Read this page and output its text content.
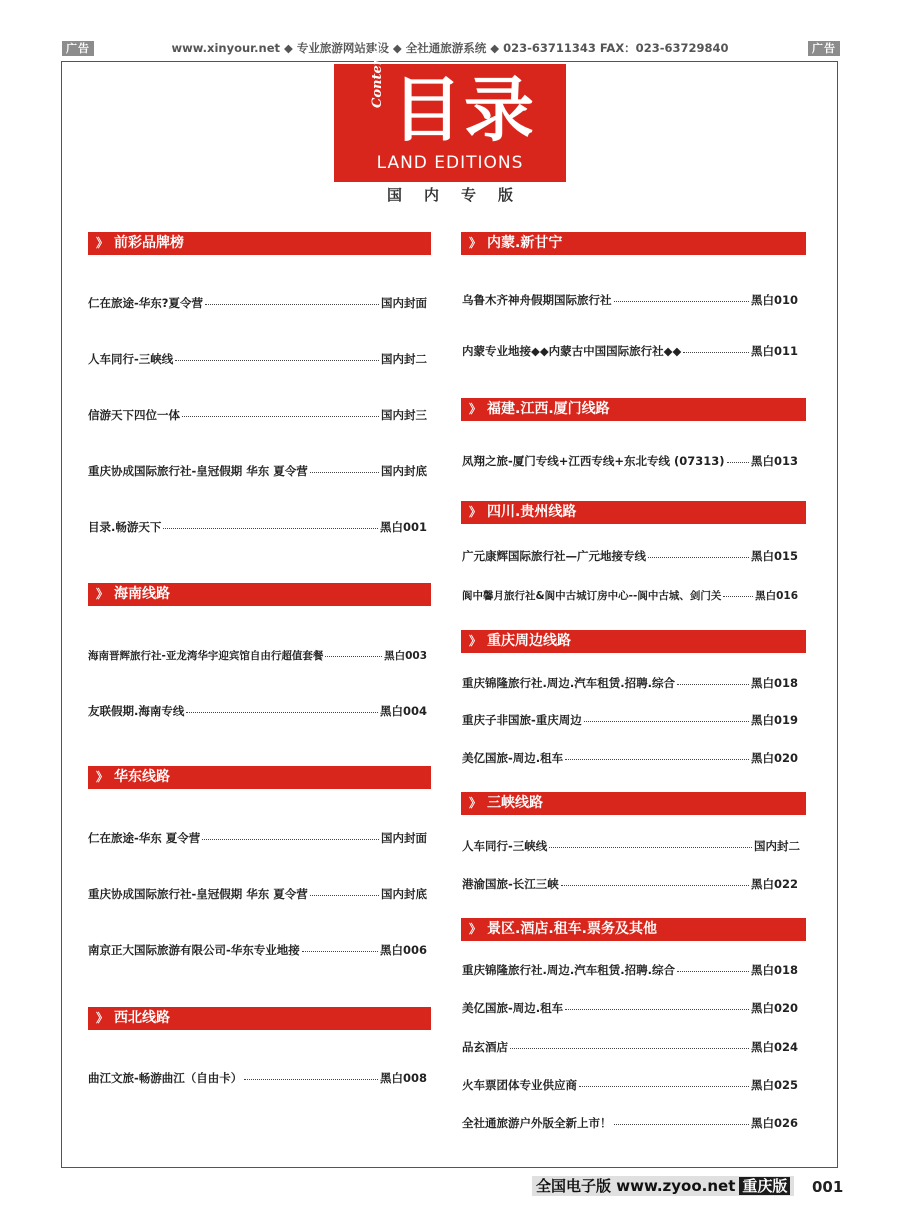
广告	广告
www.xinyour.net ◆ 专业旅游网站建设 ◆ 全社通旅游系统 ◆ 023-63711343 FAX：023-63729840
Contents 目录
LAND EDITIONS
国内专版
》 前彩品牌榜
仁在旅途-华东?夏令营	国内封面
人车同行-三峡线	国内封二
信游天下四位一体	国内封三
重庆协成国际旅行社-皇冠假期 华东 夏令营	国内封底
目录.畅游天下	黑白001
》 海南线路
海南晋辉旅行社-亚龙湾华宇迎宾馆自由行超值套餐	黑白003
友联假期.海南专线	黑白004
》 华东线路
仁在旅途-华东 夏令营	国内封面
重庆协成国际旅行社-皇冠假期 华东 夏令营	国内封底
南京正大国际旅游有限公司-华东专业地接	黑白006
》 西北线路
曲江文旅-畅游曲江（自由卡）	黑白008
》 内蒙.新甘宁
乌鲁木齐神舟假期国际旅行社	黑白010
内蒙专业地接◆◆内蒙古中国国际旅行社◆◆	黑白011
》 福建.江西.厦门线路
凤翔之旅-厦门专线+江西专线+东北专线 (07313) 黑白013
》 四川.贵州线路
广元康辉国际旅行社—广元地接专线	黑白015
阆中馨月旅行社&阆中古城订房中心--阆中古城、剑门关	黑白016
》 重庆周边线路
重庆锦隆旅行社.周边.汽车租赁.招聘.综合	黑白018
重庆子非国旅-重庆周边	黑白019
美亿国旅-周边.租车	黑白020
》 三峡线路
人车同行-三峡线	国内封二
港渝国旅-长江三峡	黑白022
》 景区.酒店.租车.票务及其他
重庆锦隆旅行社.周边.汽车租赁.招聘.综合	黑白018
美亿国旅-周边.租车	黑白020
品玄酒店	黑白024
火车票团体专业供应商	黑白025
全社通旅游户外版全新上市！	黑白026
全国电子版 www.zyoo.net 重庆版	001
